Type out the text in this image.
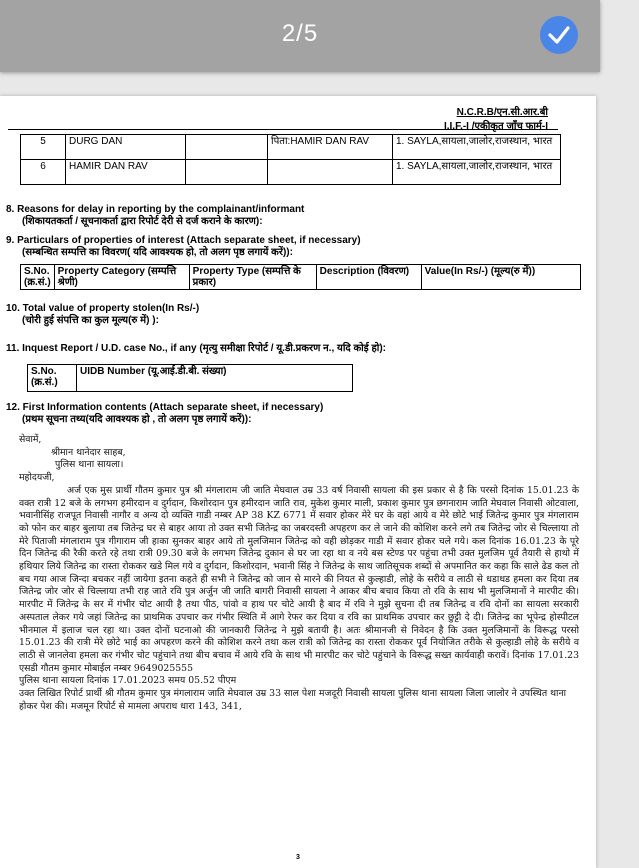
2/5
N.C.R.B/एन.सी.आर.बी
I.I.F.-I /एकीकृत जाँच फार्म-I
5	DURG DAN		पिता:HAMIR DAN RAV	1. SAYLA,सायला,जालोर,राजस्थान, भारत
6	HAMIR DAN RAV			1. SAYLA,सायला,जालोर,राजस्थान, भारत
8. Reasons for delay in reporting by the complainant/informant
(शिकायतकर्ता / सूचनाकर्ता द्वारा रिपोर्ट देरी से दर्ज कराने के कारण):
9. Particulars of properties of interest (Attach separate sheet, if necessary)
(सम्बन्धित सम्पत्ति का विवरण( यदि आवश्यक हो, तो अलग पृष्ठ लगायें करें)):
S.No. (क्र.सं.)	Property Category (सम्पत्ति श्रेणी)	Property Type (सम्पत्ति के प्रकार)	Description (विवरण)	Value(In Rs/-) (मूल्य(रु में))
10. Total value of property stolen(In Rs/-)
(चोरी हुई संपत्ति का कुल मूल्य(रु में) ):
11. Inquest Report / U.D. case No., if any (मृत्यु समीक्षा रिपोर्ट / यू.डी.प्रकरण न., यदि कोई हो):
S.No. (क्र.सं.)	UIDB Number (यू.आई.डी.बी. संख्या)
12. First Information contents (Attach separate sheet, if necessary)
(प्रथम सूचना तथ्य(यदि आवश्यक हो , तो अलग पृष्ठ लगायें करें)):

सेवामें,

श्रीमान थानेदार साहब,

पुलिस थाना सायला।

महोदयजी,

अर्ज एक मुस प्रार्थी गौतम कुमार पुत्र श्री मंगलाराम जी जाति मेघवाल उम्र 33 वर्ष निवासी सायला की इस प्रकार से है कि परसो दिनांक 15.01.23 के वक्त रात्री 12 बजे के लगभग हमीरदान व दुर्गदान, किशोरदान पुत्र हमीरदान जाति राव, मुकेश कुमार माली, प्रकाश कुमार पुत्र छगनाराम जाति मेघवाल निवासी ओटवाला, भवानीसिंह राजपूत निवासी नागौर व अन्य दो व्यक्ति गाडी नम्बर AP 38 KZ 6771 में सवार होकर मेरे घर के वहां आये व मेरे छोटे भाई जितेन्द्र कुमार पुत्र मंगलाराम को फोन कर बाहर बुलाया तब जितेन्द्र घर से बाहर आया तो उक्त सभी जितेन्द्र का जबरदस्ती अपहरण कर ले जाने की कोशिश करने लगे तब जितेन्द्र जोर से चिल्लाया तो मेरे पिताजी मंगलाराम पुत्र गीगाराम जी हाका सुनकर बाहर आये तो मुलजिमान जितेन्द्र को वही छोड़कर गाडी में सवार होकर चले गये। कल दिनांक 16.01.23 के पूरे दिन जितेन्द्र की रैकी करते रहे तथा रात्री 09.30 बजे के लगभग जितेन्द्र दुकान से घर जा रहा था व नये बस स्टेण्ड पर पहुंचा तभी उक्त मुलजिम पूर्व तैयारी से हाथो में हथियार लिये जितेन्द्र का रास्ता रोककर खडे मिल गये व दुर्गदान, किशोरदान, भवानी सिंह ने जितेन्द्र के साथ जातिसूचक शब्दों से अपमानित कर कहा कि साले ढेड कल तो बच गया आज जिन्दा बचकर नहीं जायेगा इतना कहते ही सभी ने जितेन्द्र को जान से मारने की नियत से कुल्हाडी, लोहे के सरीये व लाठी से धडाधड हमला कर दिया तब जितेन्द्र जोर जोर से चिल्लाया तभी राह जाते रवि पुत्र अर्जुन जी जाति बागरी निवासी सायला ने आकर बीच बचाव किया तो रवि के साथ भी मुलजिमानों ने मारपीट की। मारपीट में जितेन्द्र के सर में गंभीर चोट आयी है तथा पीठ, पांवो व हाथ पर चोटे आयी है बाद में रवि ने मुझे सुचना दी तब जितेन्द्र व रवि दोनों का सायला सरकारी अस्पताल लेकर गये जहां जितेन्द्र का प्राथमिक उपचार कर गंभीर स्थिति में आगे रेफर कर दिया व रवि का प्राथमिक उपचार कर छुट्टी दे दी। जितेन्द्र का भूपेन्द्र होस्पीटल भीनमाल में इलाज चल रहा था। उक्त दोनों घटनाओ की जानकारी जितेन्द्र ने मुझे बतायी है। अतः श्रीमानजी से निवेदन है कि उक्त मुलजिमानों के विरूद्ध परसो 15.01.23 की रात्री मेरे छोटे भाई का अपहरण करने की कोशिश करने तथा कल रात्री को जितेन्द्र का रास्ता रोककर पूर्व नियोजित तरीके से कुल्हाडी लोहे के सरीये व लाठी से जानलेवा हमला कर गंभीर चोट पहुंचाने तथा बीच बचाव में आये रवि के साथ भी मारपीट कर चोटे पहुंचाने के विरूद्ध सख्त कार्यवाही करावें। दिनांक 17.01.23 एसडी गौतम कुमार मोबाईल नम्बर 9649025555

पुलिस थाना सायला दिनांक 17.01.2023 समय 05.52 पीएम

उक्त लिखित रिपोर्ट प्रार्थी श्री गौतम कुमार पुत्र मंगलाराम जाति मेघवाल उम्र 33 साल पेशा मजदूरी निवासी सायला पुलिस थाना सायला जिला जालोर ने उपस्थित थाना होकर पेश की। मजमून रिपोर्ट से मामला अपराध धारा 143, 341,

3
